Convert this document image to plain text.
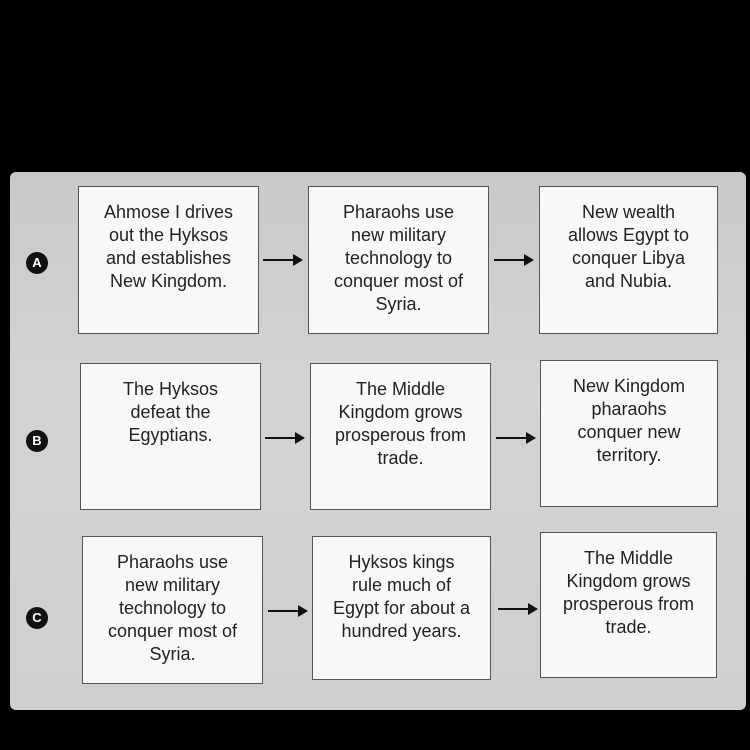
A
Ahmose I drives
out the Hyksos
and establishes
New Kingdom.
Pharaohs use
new military
technology to
conquer most of
Syria.
New wealth
allows Egypt to
conquer Libya
and Nubia.
B
The Hyksos
defeat the
Egyptians.
The Middle
Kingdom grows
prosperous from
trade.
New Kingdom
pharaohs
conquer new
territory.
C
Pharaohs use
new military
technology to
conquer most of
Syria.
Hyksos kings
rule much of
Egypt for about a
hundred years.
The Middle
Kingdom grows
prosperous from
trade.
